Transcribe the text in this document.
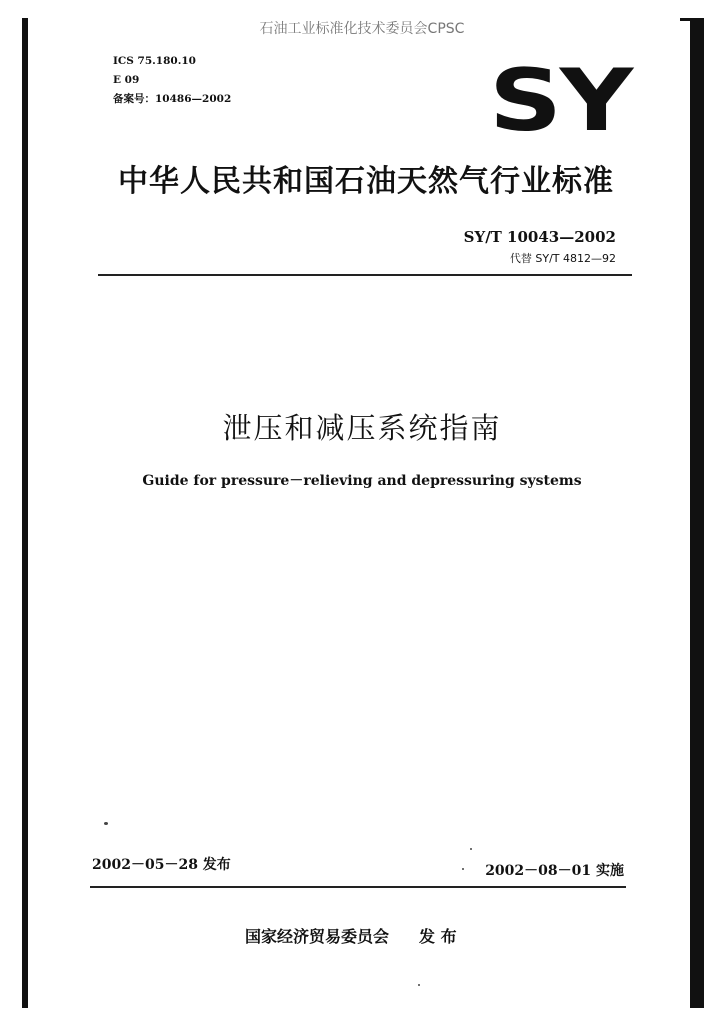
石油工业标准化技术委员会CPSC
ICS 75.180.10
E 09
备案号：10486—2002	SY
中华人民共和国石油天然气行业标准
SY/T 10043—2002
代替 SY/T 4812—92
泄压和减压系统指南
Guide for pressure－relieving and depressuring systems
2002－05－28 发布	2002－08－01 实施
国家经济贸易委员会 发 布
